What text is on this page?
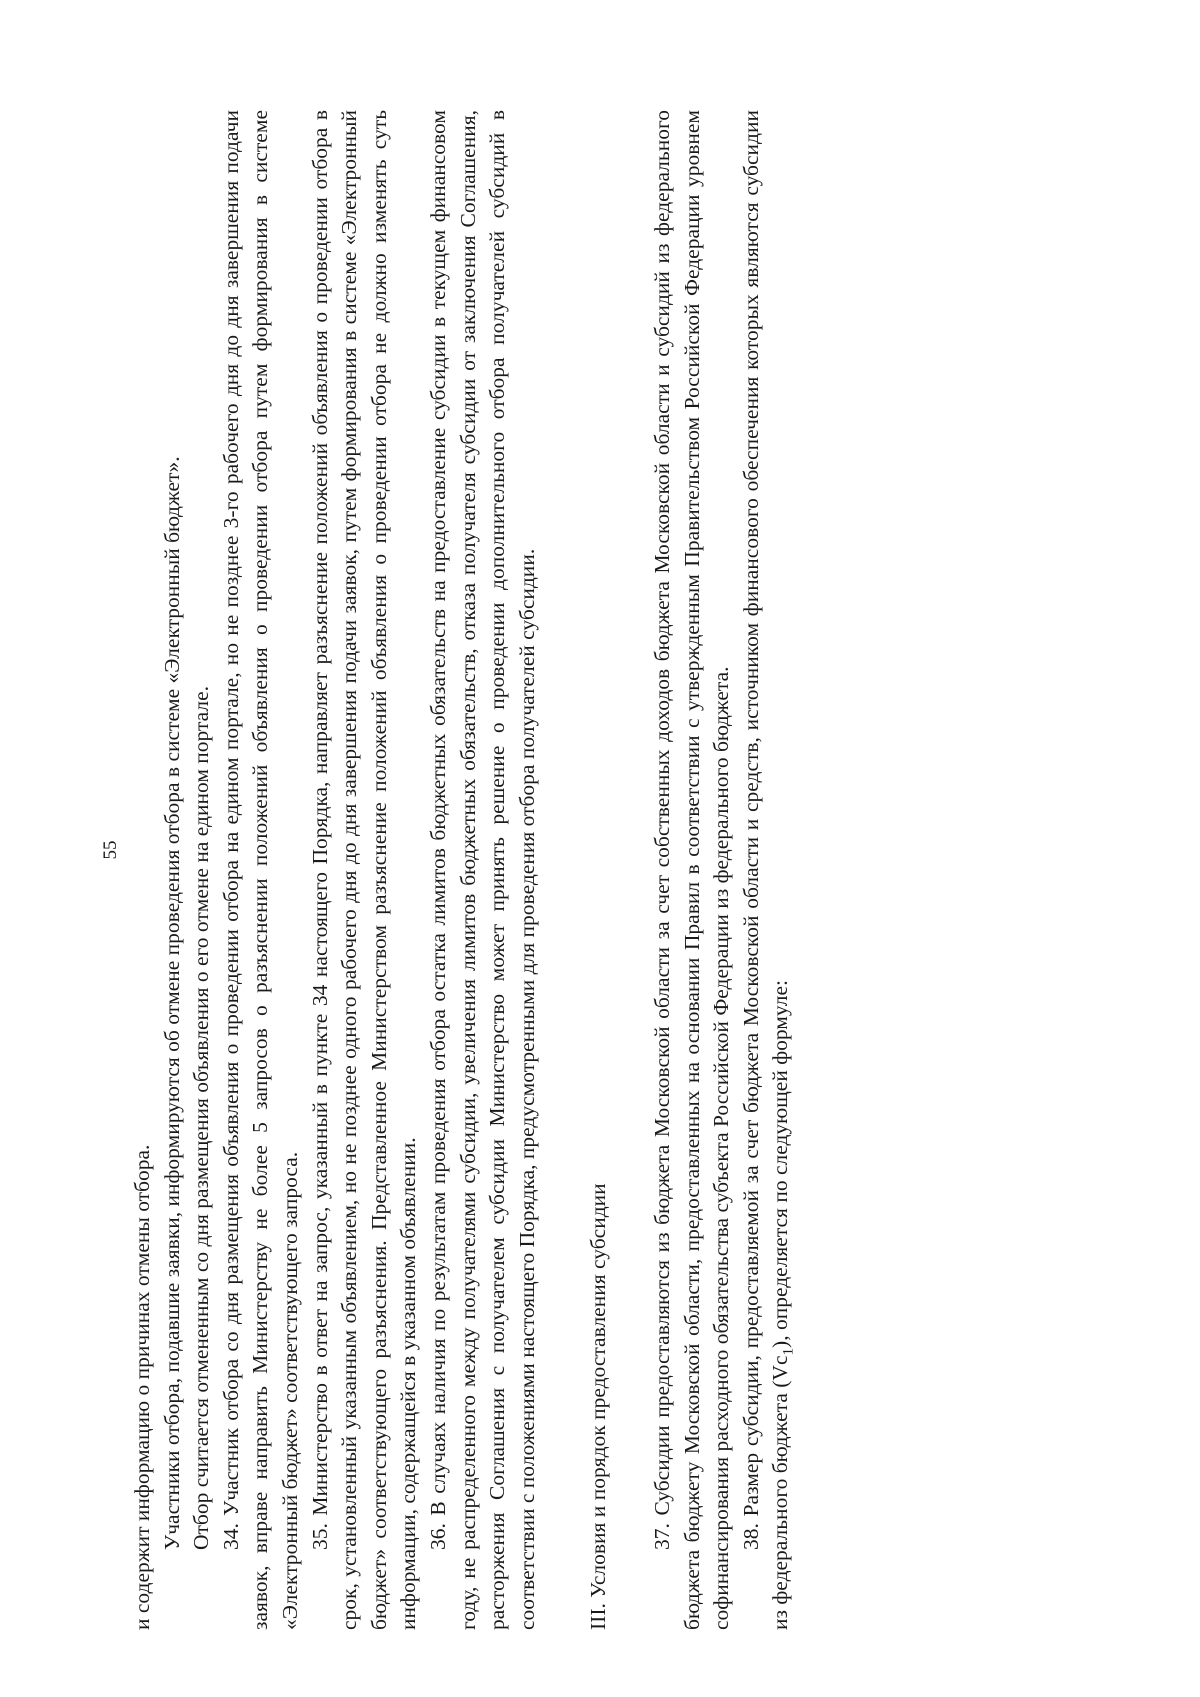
55

и содержит информацию о причинах отмены отбора. Участники отбора, подавшие заявки, информируются об отмене проведения отбора в системе «Электронный бюджет». Отбор считается отмененным со дня размещения объявления о его отмене на едином портале. 34. Участник отбора со дня размещения объявления о проведении отбора на едином портале, но не позднее 3-го рабочего дня до дня завершения подачи заявок, вправе направить Министерству не более 5 запросов о разъяснении положений объявления о проведении отбора путем формирования в системе «Электронный бюджет» соответствующего запроса. 35. Министерство в ответ на запрос, указанный в пункте 34 настоящего Порядка, направляет разъяснение положений объявления о проведении отбора в срок, установленный указанным объявлением, но не позднее одного рабочего дня до дня завершения подачи заявок, путем формирования в системе «Электронный бюджет» соответствующего разъяснения. Представленное Министерством разъяснение положений объявления о проведении отбора не должно изменять суть информации, содержащейся в указанном объявлении. 36. В случаях наличия по результатам проведения отбора остатка лимитов бюджетных обязательств на предоставление субсидии в текущем финансовом году, не распределенного между получателями субсидии, увеличения лимитов бюджетных обязательств, отказа получателя субсидии от заключения Соглашения, расторжения Соглашения с получателем субсидии Министерство может принять решение о проведении дополнительного отбора получателей субсидий в соответствии с положениями настоящего Порядка, предусмотренными для проведения отбора получателей субсидии. III. Условия и порядок предоставления субсидии 37. Субсидии предоставляются из бюджета Московской области за счет собственных доходов бюджета Московской области и субсидий из федерального бюджета бюджету Московской области, предоставленных на основании Правил в соответствии с утвержденным Правительством Российской Федерации уровнем софинансирования расходного обязательства субъекта Российской Федерации из федерального бюджета. 38. Размер субсидии, предоставляемой за счет бюджета Московской области и средств, источником финансового обеспечения которых являются субсидии из федерального бюджета $(Vc_1)$, определяется по следующей формуле:
